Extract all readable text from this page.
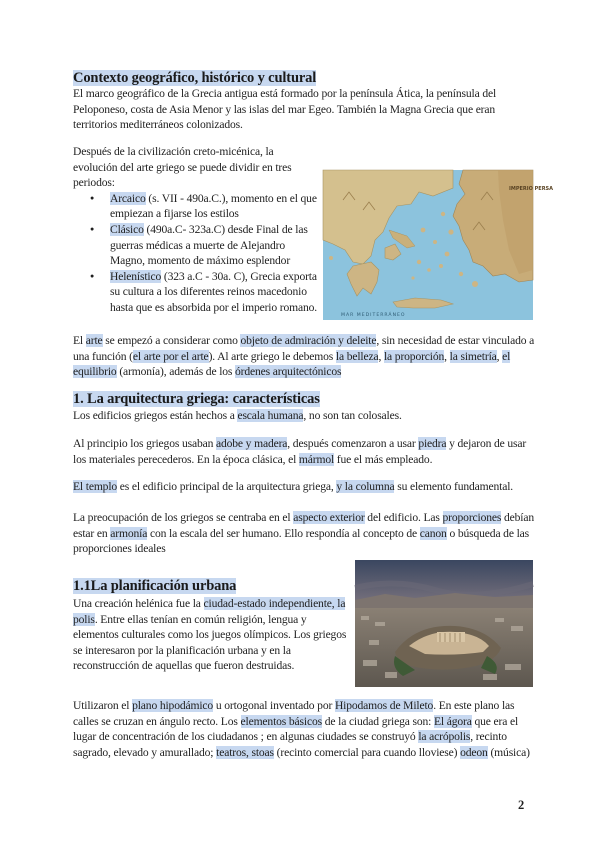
Contexto geográfico, histórico y cultural
El marco geográfico de la Grecia antigua está formado por la península Ática, la península del Peloponeso, costa de Asia Menor y las islas del mar Egeo. También la Magna Grecia que eran territorios mediterráneos colonizados.
Después de la civilización creto-micénica, la evolución del arte griego se puede dividir en tres periodos:
● Arcaico (s. VII - 490a.C.), momento en el que empiezan a fijarse los estilos
● Clásico (490a.C- 323a.C) desde Final de las guerras médicas a muerte de Alejandro Magno, momento de máximo esplendor
● Helenístico (323 a.C - 30a. C), Grecia exporta su cultura a los diferentes reinos macedonio hasta que es absorbida por el imperio romano.
IMPERIO PERSA
MAR MEDITERRÁNEO
El arte se empezó a considerar como objeto de admiración y deleite, sin necesidad de estar vinculado a una función (el arte por el arte). Al arte griego le debemos la belleza, la proporción, la simetría, el equilibrio (armonía), además de los órdenes arquitectónicos
1. La arquitectura griega: características
Los edificios griegos están hechos a escala humana, no son tan colosales.
Al principio los griegos usaban adobe y madera, después comenzaron a usar piedra y dejaron de usar los materiales perecederos. En la época clásica, el mármol fue el más empleado.
El templo es el edificio principal de la arquitectura griega, y la columna su elemento fundamental.
La preocupación de los griegos se centraba en el aspecto exterior del edificio. Las proporciones debían estar en armonía con la escala del ser humano. Ello respondía al concepto de canon o búsqueda de las proporciones ideales
1.1La planificación urbana
Una creación helénica fue la ciudad-estado independiente, la polis. Entre ellas tenían en común religión, lengua y elementos culturales como los juegos olímpicos. Los griegos se interesaron por la planificación urbana y en la reconstrucción de aquellas que fueron destruidas.
Utilizaron el plano hipodámico u ortogonal inventado por Hipodamos de Mileto. En este plano las calles se cruzan en ángulo recto. Los elementos básicos de la ciudad griega son: El ágora que era el lugar de concentración de los ciudadanos ; en algunas ciudades se construyó la acrópolis, recinto sagrado, elevado y amurallado; teatros, stoas (recinto comercial para cuando lloviese) odeon (música)
2
